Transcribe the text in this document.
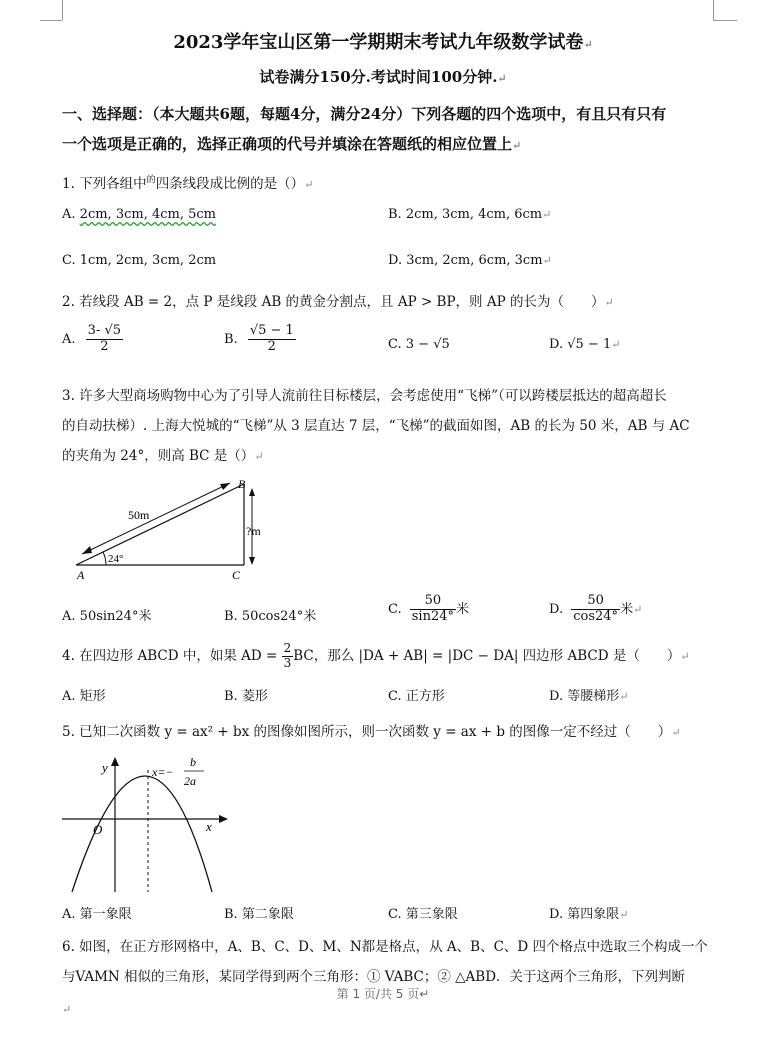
2023学年宝山区第一学期期末考试九年级数学试卷↵
试卷满分150分.考试时间100分钟.↵
一、选择题：（本大题共6题，每题4分，满分24分）下列各题的四个选项中，有且只有只有
一个选项是正确的，选择正确项的代号并填涂在答题纸的相应位置上↵
1. 下列各组中$^的$四条线段成比例的是（）↵
A. 2cm, 3cm, 4cm, 5cm	B. 2cm, 3cm, 4cm, 6cm↵
C. 1cm, 2cm, 3cm, 2cm	D. 3cm, 2cm, 6cm, 3cm↵
2. 若线段 AB = 2，点 P 是线段 AB 的黄金分割点，且 AP > BP，则 AP 的长为（　　）↵
A. $\frac{3- √5}{2}$	B. $\frac{√5 - 1}{2}$	C. 3 − √5	D. √5 − 1↵
3. 许多大型商场购物中心为了引导人流前往目标楼层，会考虑使用“飞梯”（可以跨楼层抵达的超高超长
的自动扶梯）. 上海大悦城的“飞梯”从 3 层直达 7 层，“飞梯”的截面如图，AB 的长为 50 米，AB 与 AC
的夹角为 24°，则高 BC 是（）↵
50m
?m
24°
A
B
C
A. 50sin24°米	B. 50cos24°米	C. $\frac{50}{\sin 24^\circ}$ 米	D. $\frac{50}{\cos 24^\circ}$ 米↵
4. 在四边形 ABCD 中，如果 AD = $\frac{2}{3}$ BC，那么 |DA + AB| = |DC − DA| 四边形 ABCD 是（　　）↵
A. 矩形	B. 菱形	C. 正方形	D. 等腰梯形↵
5. 已知二次函数 y = ax² + bx 的图像如图所示，则一次函数 y = ax + b 的图像一定不经过（　　）↵
y
x
O
x=−
b
2a
A. 第一象限	B. 第二象限	C. 第三象限	D. 第四象限↵
6. 如图，在正方形网格中，A、B、C、D、M、N都是格点，从 A、B、C、D 四个格点中选取三个构成一个
与VAMN 相似的三角形，某同学得到两个三角形：① VABC；② △ABD．关于这两个三角形，下列判断
第 1 页/共 5 页↵
↵
